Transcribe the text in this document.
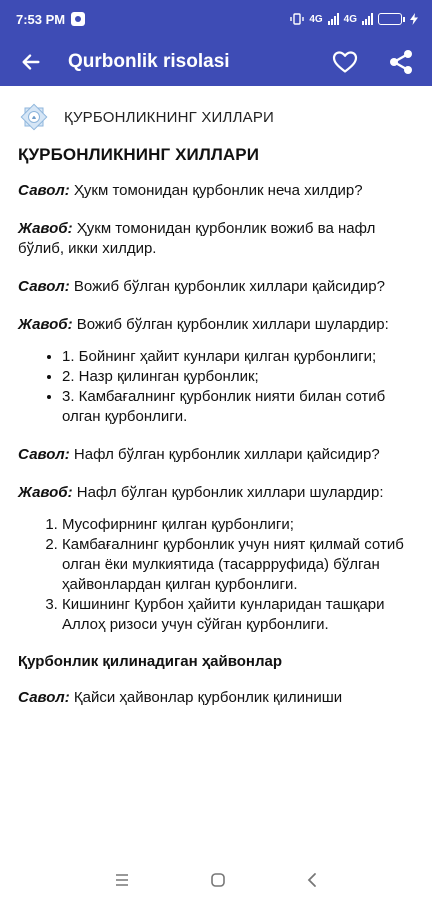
7:53 PM	4G 4G
Qurbonlik risolasi
ҚУРБОНЛИКНИНГ ХИЛЛАРИ
ҚУРБОНЛИКНИНГ ХИЛЛАРИ

Савол: Ҳукм томонидан қурбонлик неча хилдир?

Жавоб: Ҳукм томонидан қурбонлик вожиб ва нафл бўлиб, икки хилдир.

Савол: Вожиб бўлган қурбонлик хиллари қайсидир?

Жавоб: Вожиб бўлган қурбонлик хиллари шулардир:

• 1. Бойнинг ҳайит кунлари қилган қурбонлиги;
• 2. Назр қилинган қурбонлик;
• 3. Камбағалнинг қурбонлик нияти билан сотиб олган қурбонлиги.

Савол: Нафл бўлган қурбонлик хиллари қайсидир?

Жавоб: Нафл бўлган қурбонлик хиллари шулардир:

1. Мусофирнинг қилган қурбонлиги;
2. Камбағалнинг қурбонлик учун ният қилмай сотиб олган ёки мулкиятида (тасаррруфида) бўлган ҳайвонлардан қилган қурбонлиги.
3. Кишининг Қурбон ҳайити кунларидан ташқари Аллоҳ ризоси учун сўйган қурбонлиги.
Қурбонлик қилинадиган ҳайвонлар

Савол: Қайси ҳайвонлар қурбонлик қилиниши
